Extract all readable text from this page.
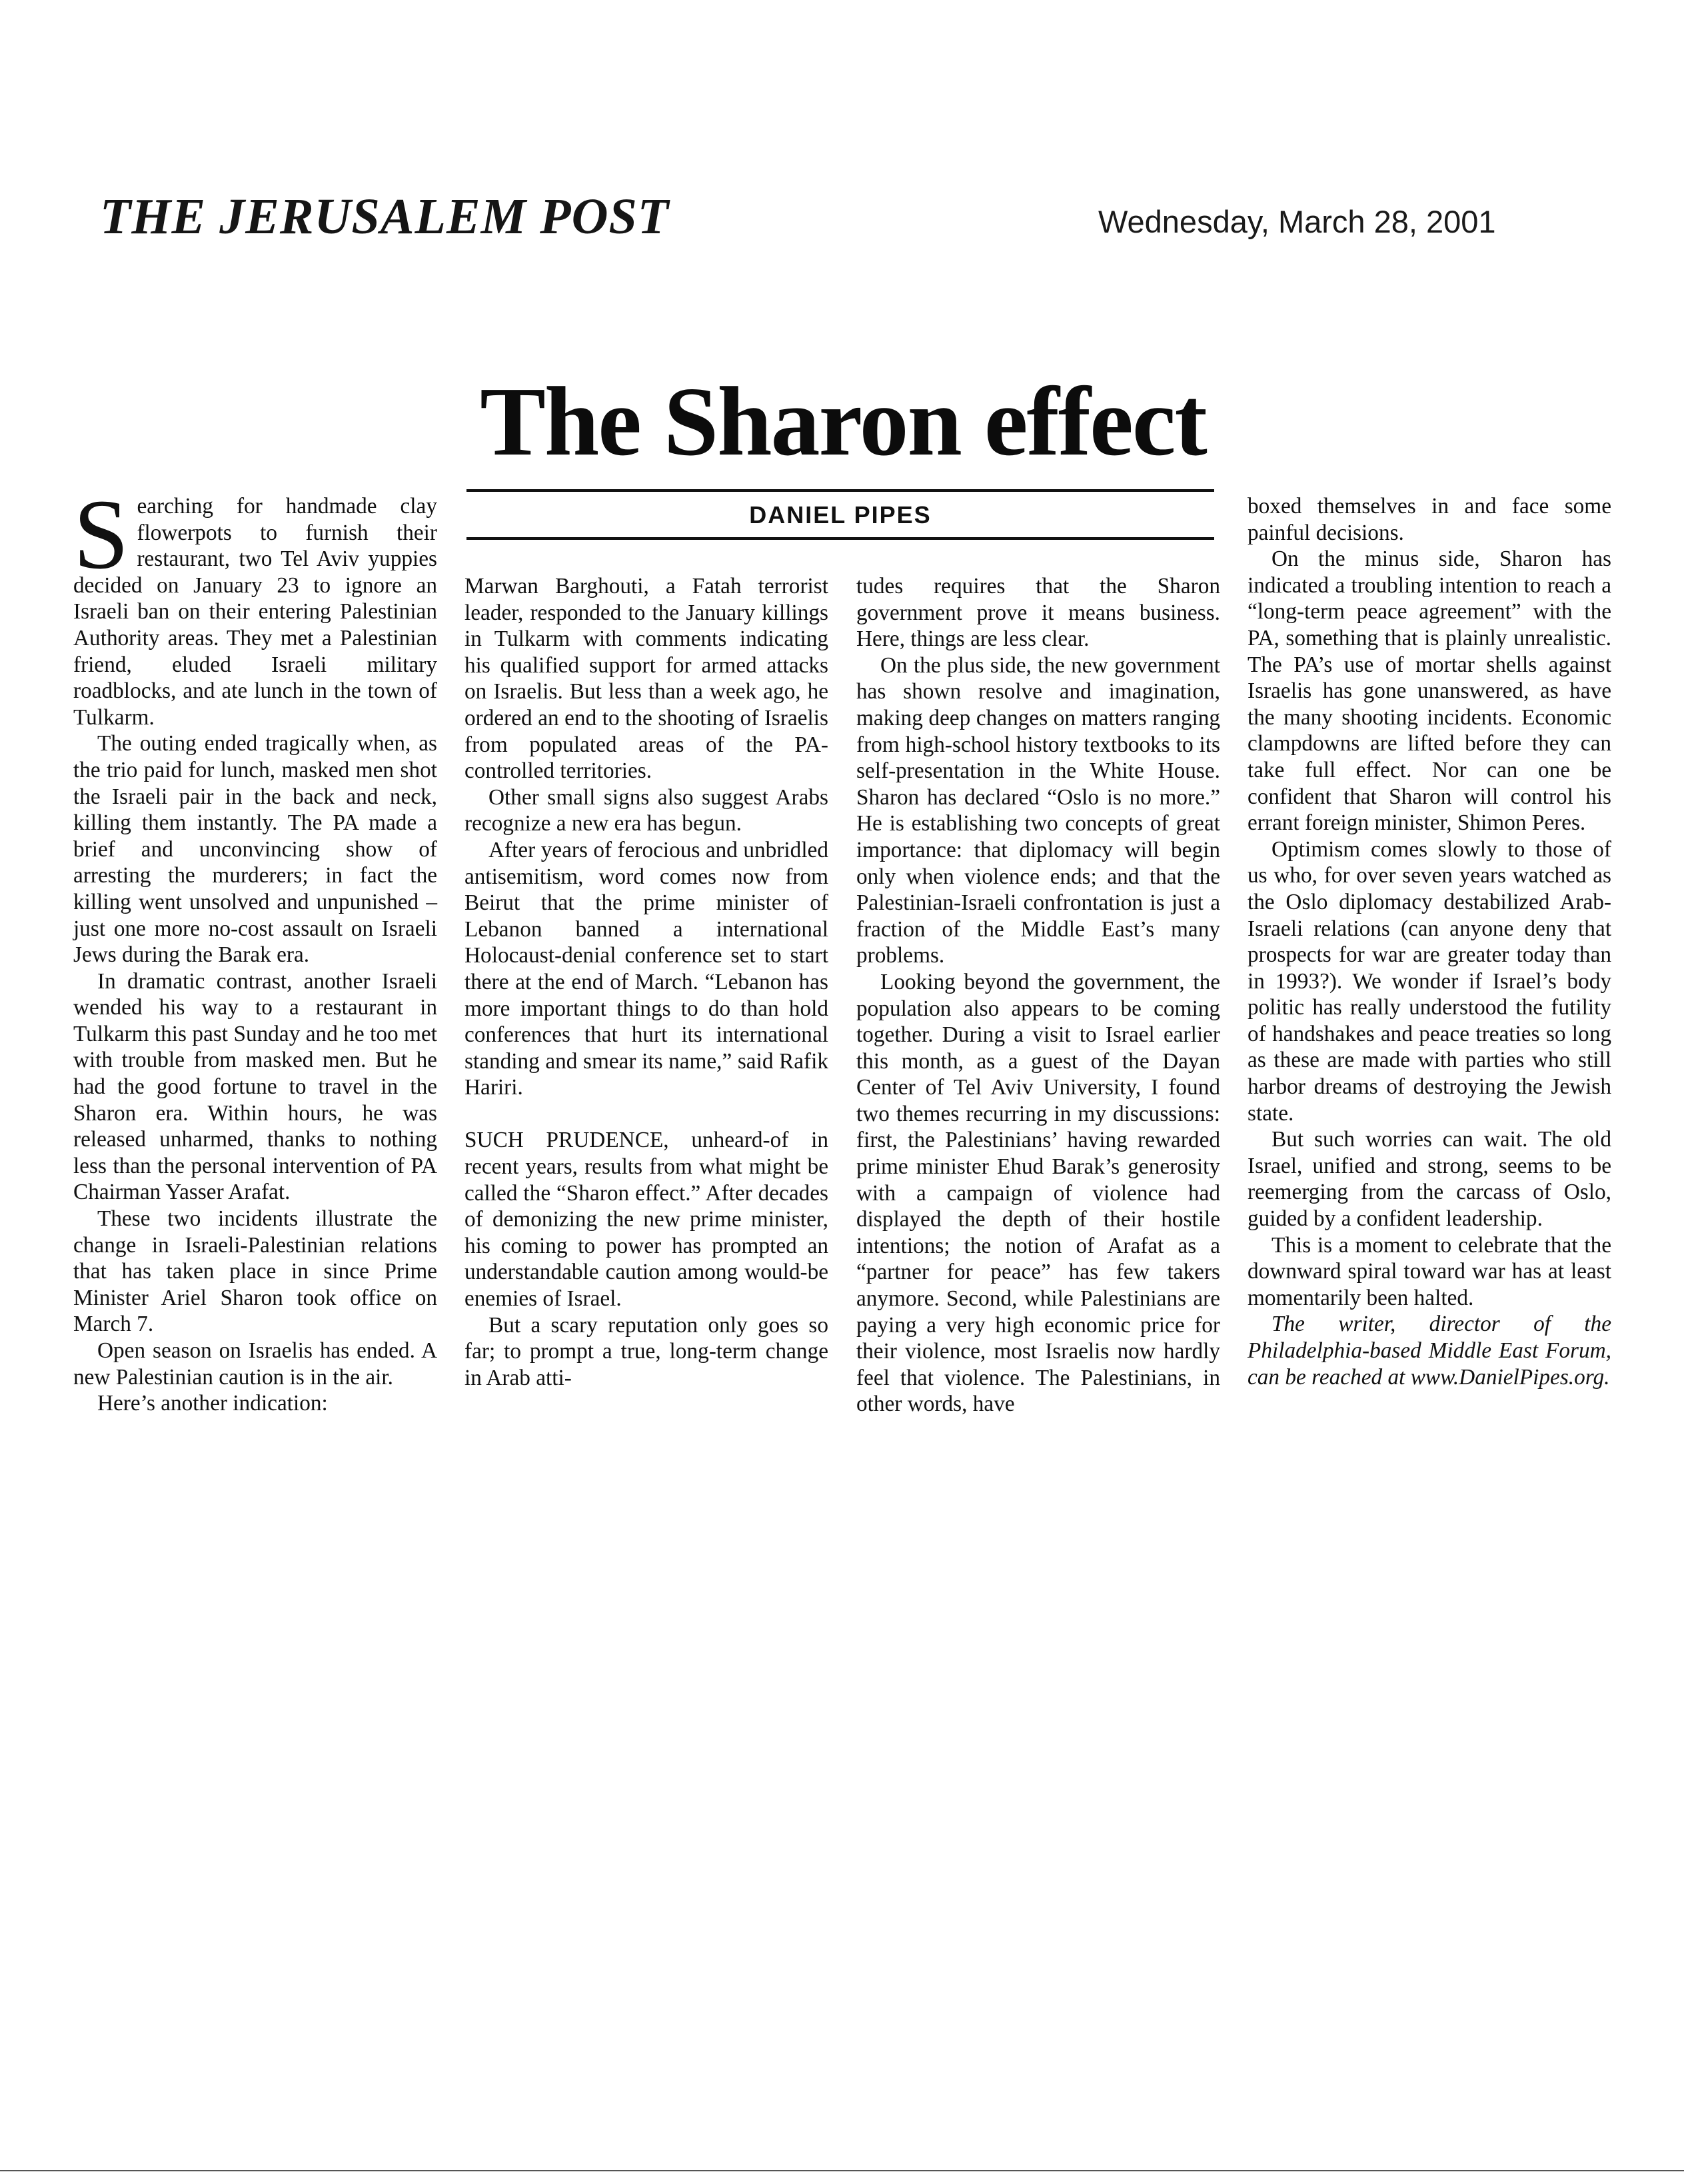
THE JERUSALEM POST	Wednesday, March 28, 2001
The Sharon effect
DANIEL PIPES

Searching for handmade clay flowerpots to furnish their restaurant, two Tel Aviv yuppies decided on January 23 to ignore an Israeli ban on their entering Palestinian Authority areas. They met a Palestinian friend, eluded Israeli military roadblocks, and ate lunch in the town of Tulkarm.

The outing ended tragically when, as the trio paid for lunch, masked men shot the Israeli pair in the back and neck, killing them instantly. The PA made a brief and unconvincing show of arresting the murderers; in fact the killing went unsolved and unpunished – just one more no-cost assault on Israeli Jews during the Barak era.

In dramatic contrast, another Israeli wended his way to a restaurant in Tulkarm this past Sunday and he too met with trouble from masked men. But he had the good fortune to travel in the Sharon era. Within hours, he was released unharmed, thanks to nothing less than the personal intervention of PA Chairman Yasser Arafat.

These two incidents illustrate the change in Israeli-Palestinian relations that has taken place in since Prime Minister Ariel Sharon took office on March 7.

Open season on Israelis has ended. A new Palestinian caution is in the air.

Here’s another indication:

Marwan Barghouti, a Fatah terrorist leader, responded to the January killings in Tulkarm with comments indicating his qualified support for armed attacks on Israelis. But less than a week ago, he ordered an end to the shooting of Israelis from populated areas of the PA-controlled territories.

Other small signs also suggest Arabs recognize a new era has begun.

After years of ferocious and unbridled antisemitism, word comes now from Beirut that the prime minister of Lebanon banned a international Holocaust-denial conference set to start there at the end of March. “Lebanon has more important things to do than hold conferences that hurt its international standing and smear its name,” said Rafik Hariri.

SUCH PRUDENCE, unheard-of in recent years, results from what might be called the “Sharon effect.” After decades of demonizing the new prime minister, his coming to power has prompted an understandable caution among would-be enemies of Israel.

But a scary reputation only goes so far; to prompt a true, long-term change in Arab atti-

tudes requires that the Sharon government prove it means business. Here, things are less clear.

On the plus side, the new government has shown resolve and imagination, making deep changes on matters ranging from high-school history textbooks to its self-presentation in the White House. Sharon has declared “Oslo is no more.” He is establishing two concepts of great importance: that diplomacy will begin only when violence ends; and that the Palestinian-Israeli confrontation is just a fraction of the Middle East’s many problems.

Looking beyond the government, the population also appears to be coming together. During a visit to Israel earlier this month, as a guest of the Dayan Center of Tel Aviv University, I found two themes recurring in my discussions: first, the Palestinians’ having rewarded prime minister Ehud Barak’s generosity with a campaign of violence had displayed the depth of their hostile intentions; the notion of Arafat as a “partner for peace” has few takers anymore. Second, while Palestinians are paying a very high economic price for their violence, most Israelis now hardly feel that violence. The Palestinians, in other words, have

boxed themselves in and face some painful decisions.

On the minus side, Sharon has indicated a troubling intention to reach a “long-term peace agreement” with the PA, something that is plainly unrealistic. The PA’s use of mortar shells against Israelis has gone unanswered, as have the many shooting incidents. Economic clampdowns are lifted before they can take full effect. Nor can one be confident that Sharon will control his errant foreign minister, Shimon Peres.

Optimism comes slowly to those of us who, for over seven years watched as the Oslo diplomacy destabilized Arab-Israeli relations (can anyone deny that prospects for war are greater today than in 1993?). We wonder if Israel’s body politic has really understood the futility of handshakes and peace treaties so long as these are made with parties who still harbor dreams of destroying the Jewish state.

But such worries can wait. The old Israel, unified and strong, seems to be reemerging from the carcass of Oslo, guided by a confident leadership.

This is a moment to celebrate that the downward spiral toward war has at least momentarily been halted.

The writer, director of the Philadelphia-based Middle East Forum, can be reached at www.DanielPipes.org.
